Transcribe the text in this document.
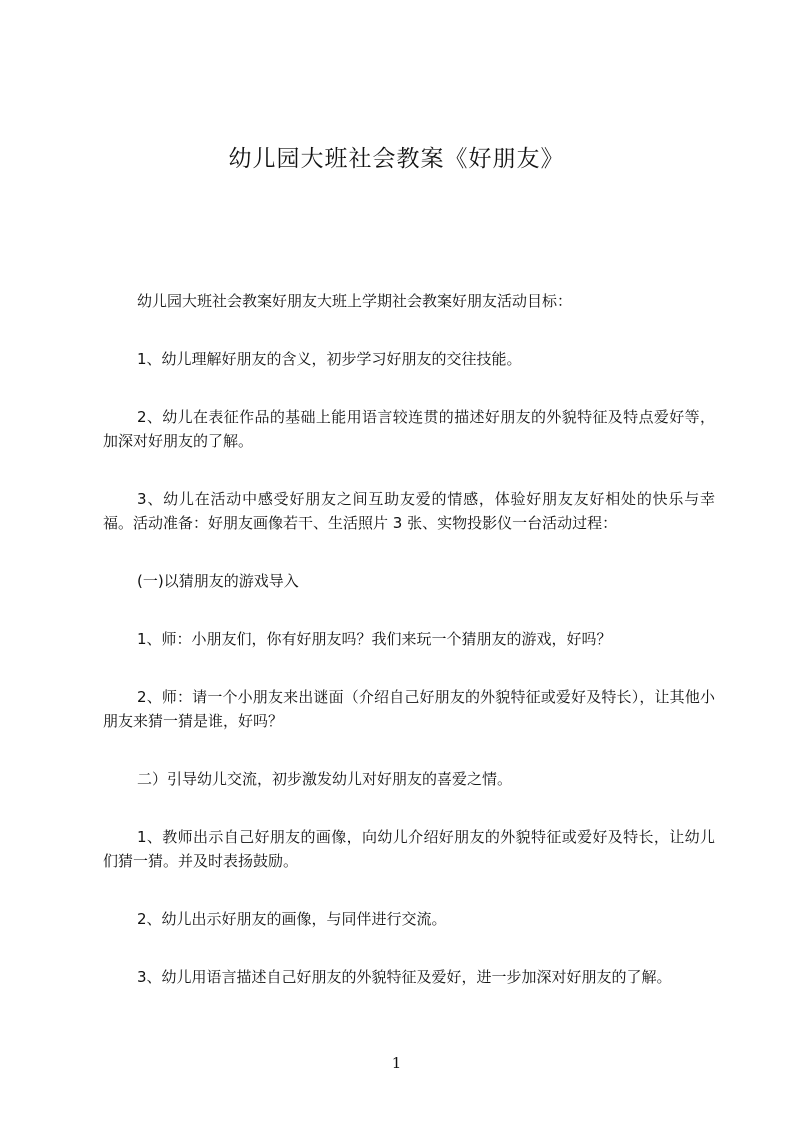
幼儿园大班社会教案《好朋友》

幼儿园大班社会教案好朋友大班上学期社会教案好朋友活动目标：

1、幼儿理解好朋友的含义，初步学习好朋友的交往技能。

2、幼儿在表征作品的基础上能用语言较连贯的描述好朋友的外貌特征及特点爱好等，加深对好朋友的了解。

3、幼儿在活动中感受好朋友之间互助友爱的情感，体验好朋友友好相处的快乐与幸福。活动准备：好朋友画像若干、生活照片 3 张、实物投影仪一台活动过程：

(一)以猜朋友的游戏导入

1、师：小朋友们，你有好朋友吗？我们来玩一个猜朋友的游戏，好吗？

2、师：请一个小朋友来出谜面（介绍自己好朋友的外貌特征或爱好及特长），让其他小朋友来猜一猜是谁，好吗？

二）引导幼儿交流，初步激发幼儿对好朋友的喜爱之情。

1、教师出示自己好朋友的画像，向幼儿介绍好朋友的外貌特征或爱好及特长，让幼儿们猜一猜。并及时表扬鼓励。

2、幼儿出示好朋友的画像，与同伴进行交流。

3、幼儿用语言描述自己好朋友的外貌特征及爱好，进一步加深对好朋友的了解。

1
